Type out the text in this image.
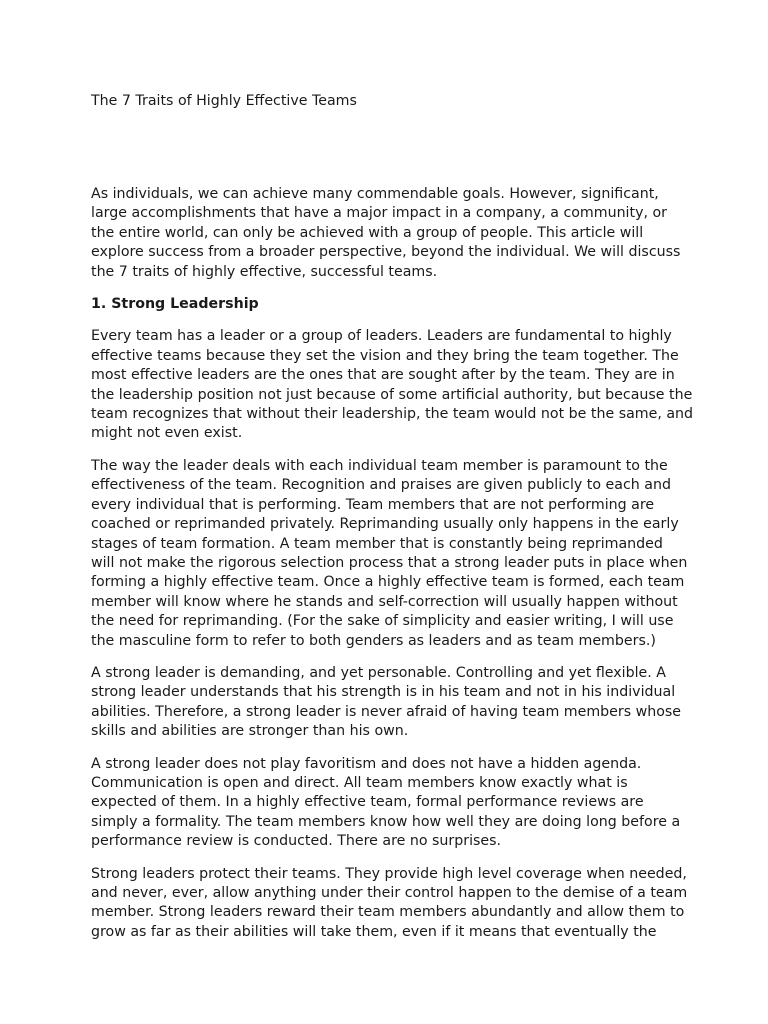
The 7 Traits of Highly Effective Teams

As individuals, we can achieve many commendable goals. However, significant,
large accomplishments that have a major impact in a company, a community, or
the entire world, can only be achieved with a group of people. This article will
explore success from a broader perspective, beyond the individual. We will discuss
the 7 traits of highly effective, successful teams.

1. Strong Leadership

Every team has a leader or a group of leaders. Leaders are fundamental to highly
effective teams because they set the vision and they bring the team together. The
most effective leaders are the ones that are sought after by the team. They are in
the leadership position not just because of some artificial authority, but because the
team recognizes that without their leadership, the team would not be the same, and
might not even exist.

The way the leader deals with each individual team member is paramount to the
effectiveness of the team. Recognition and praises are given publicly to each and
every individual that is performing. Team members that are not performing are
coached or reprimanded privately. Reprimanding usually only happens in the early
stages of team formation. A team member that is constantly being reprimanded
will not make the rigorous selection process that a strong leader puts in place when
forming a highly effective team. Once a highly effective team is formed, each team
member will know where he stands and self-correction will usually happen without
the need for reprimanding. (For the sake of simplicity and easier writing, I will use
the masculine form to refer to both genders as leaders and as team members.)

A strong leader is demanding, and yet personable. Controlling and yet flexible. A
strong leader understands that his strength is in his team and not in his individual
abilities. Therefore, a strong leader is never afraid of having team members whose
skills and abilities are stronger than his own.

A strong leader does not play favoritism and does not have a hidden agenda.
Communication is open and direct. All team members know exactly what is
expected of them. In a highly effective team, formal performance reviews are
simply a formality. The team members know how well they are doing long before a
performance review is conducted. There are no surprises.

Strong leaders protect their teams. They provide high level coverage when needed,
and never, ever, allow anything under their control happen to the demise of a team
member. Strong leaders reward their team members abundantly and allow them to
grow as far as their abilities will take them, even if it means that eventually the
